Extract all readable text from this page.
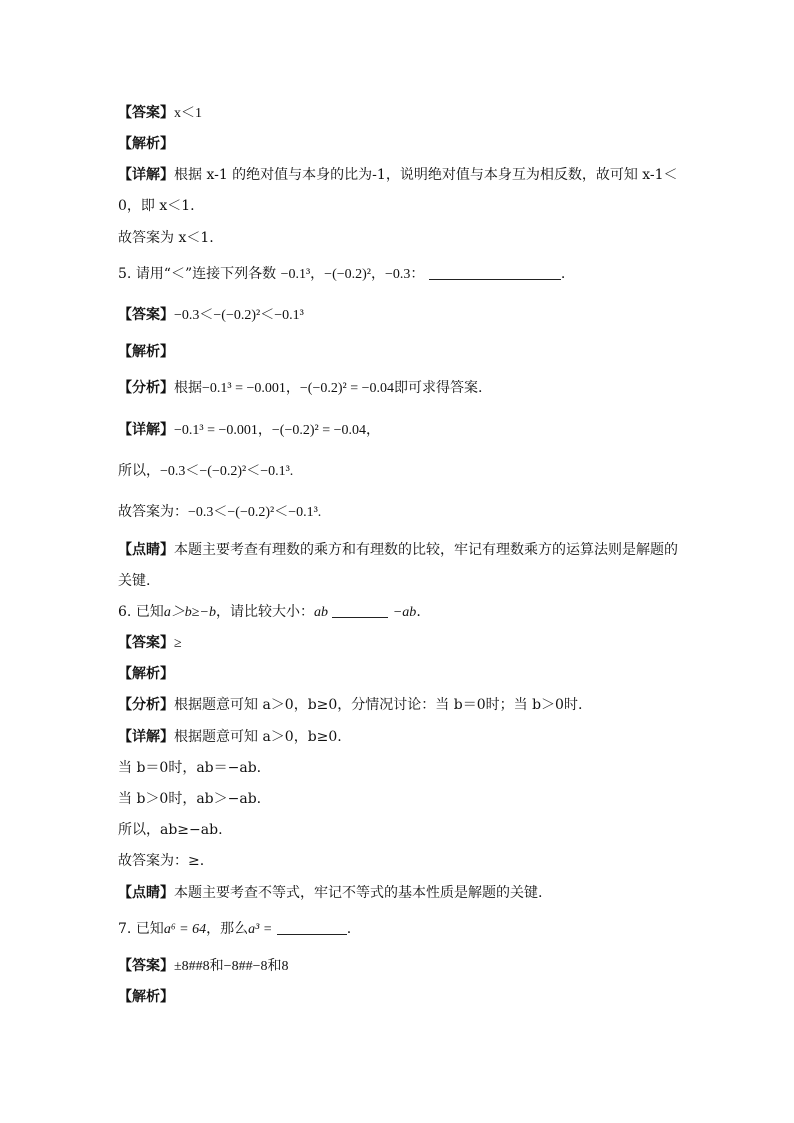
【答案】x＜1
【解析】
【详解】根据 x-1 的绝对值与本身的比为-1，说明绝对值与本身互为相反数，故可知 x-1＜
0，即 x＜1.
故答案为 x＜1.
5. 请用“＜”连接下列各数 −0.1³，−(−0.2)²，−0.3：	.
【答案】−0.3＜−(−0.2)²＜−0.1³
【解析】
【分析】根据−0.1³ = −0.001，−(−0.2)² = −0.04即可求得答案.
【详解】−0.1³ = −0.001，−(−0.2)² = −0.04，
所以，−0.3＜−(−0.2)²＜−0.1³.
故答案为：−0.3＜−(−0.2)²＜−0.1³.
【点睛】本题主要考查有理数的乘方和有理数的比较，牢记有理数乘方的运算法则是解题的
关键.
6. 已知a＞b≥−b，请比较大小：ab	−ab.
【答案】≥
【解析】
【分析】根据题意可知 a＞0，b≥0，分情况讨论：当 b＝0时；当 b＞0时.
【详解】根据题意可知 a＞0，b≥0.
当 b＝0时，ab＝−ab.
当 b＞0时，ab＞−ab.
所以，ab≥−ab.
故答案为：≥.
【点睛】本题主要考查不等式，牢记不等式的基本性质是解题的关键.
7. 已知a⁶ = 64，那么a³ =	.
【答案】±8##8和−8##−8和8
【解析】
